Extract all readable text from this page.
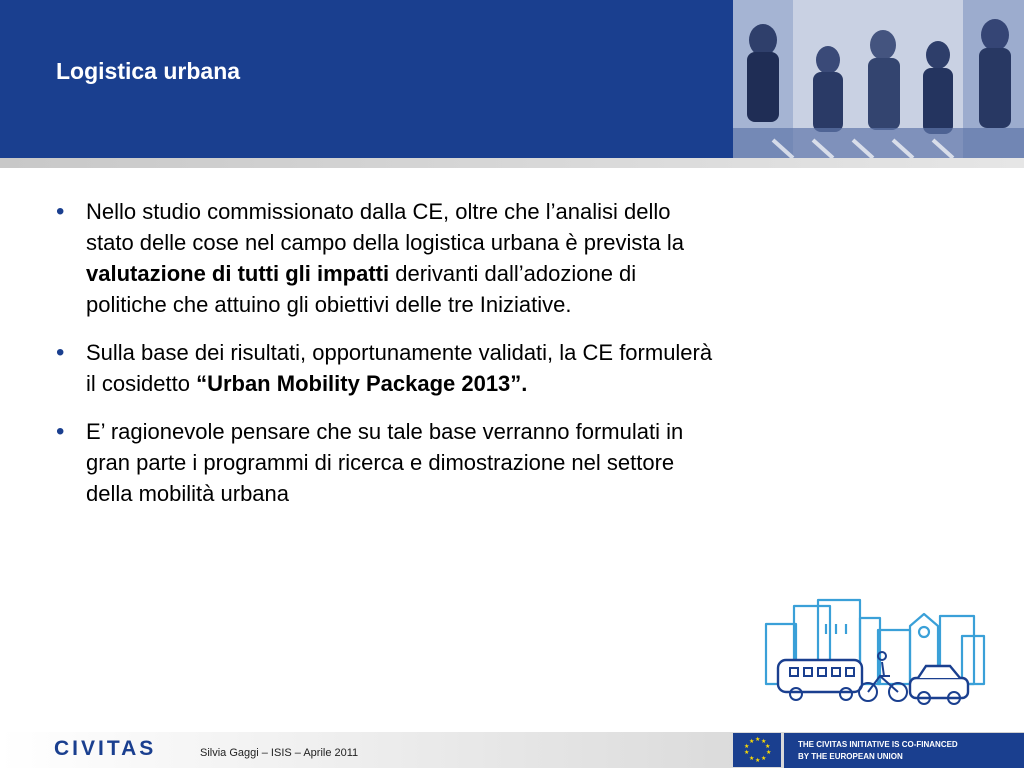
Logistica urbana
• Nello studio commissionato dalla CE, oltre che l’analisi dello stato delle cose nel campo della logistica urbana è prevista la valutazione di tutti gli impatti derivanti dall’adozione di politiche che attuino gli obiettivi delle tre Iniziative.
• Sulla base dei risultati, opportunamente validati, la CE formulerà il cosidetto “Urban Mobility Package 2013”.
• E’ ragionevole pensare che su tale base verranno formulati in gran parte i programmi di ricerca e dimostrazione nel settore della mobilità urbana
CIVITAS	Silvia Gaggi – ISIS – Aprile 2011
★ ★
★
★
★
★
★
★
★
★	THE CIVITAS INITIATIVE IS CO-FINANCED
BY THE EUROPEAN UNION
